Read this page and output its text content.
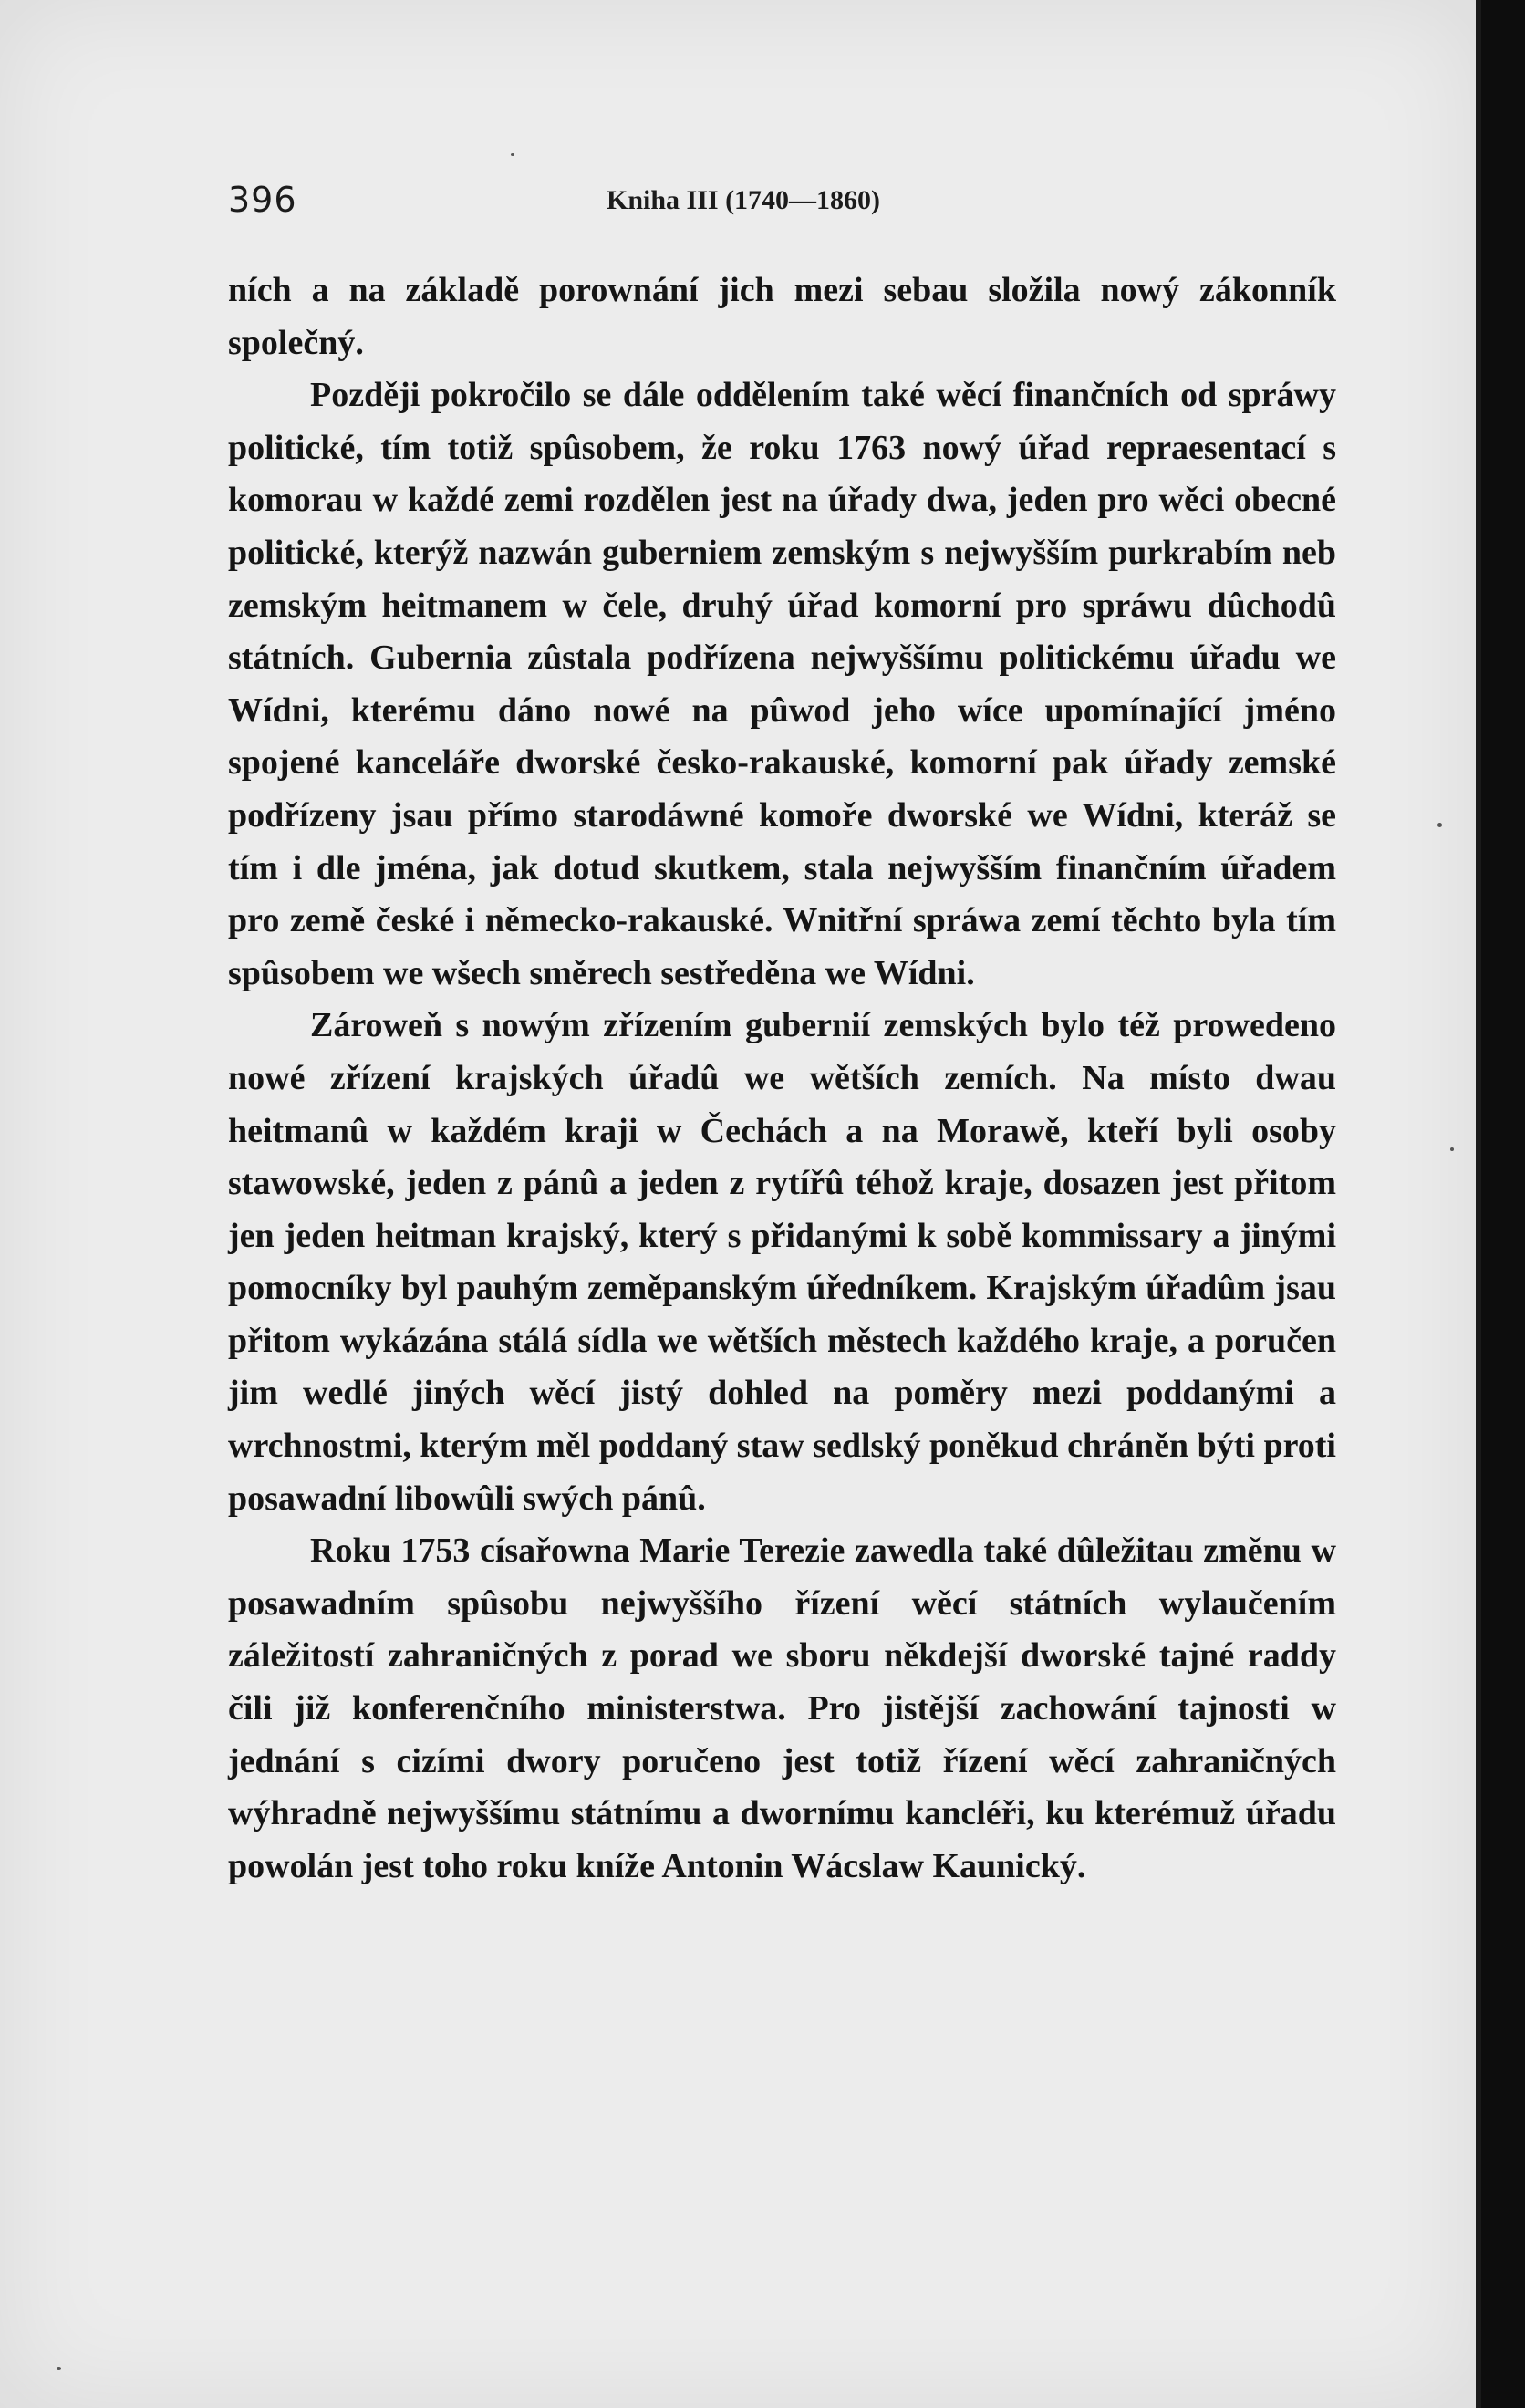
396	Kniha III (1740—1860)

ních a na základě porownání jich mezi sebau složila nowý zákonník společný.

Později pokročilo se dále oddělením také wěcí finančních od spráwy politické, tím totiž spûsobem, že roku 1763 nowý úřad repraesentací s komorau w každé zemi rozdělen jest na úřady dwa, jeden pro wěci obecné politické, kterýž nazwán guberniem zemským s nejwyšším purkrabím neb zemským heitmanem w čele, druhý úřad komorní pro spráwu dûchodû státních. Gubernia zûstala podřízena nejwyššímu politickému úřadu we Wídni, kterému dáno nowé na pûwod jeho wíce upomínající jméno spojené kanceláře dworské česko-rakauské, komorní pak úřady zemské podřízeny jsau přímo starodáwné komoře dworské we Wídni, kteráž se tím i dle jména, jak dotud skutkem, stala nejwyšším finančním úřadem pro země české i německo-rakauské. Wnitřní spráwa zemí těchto byla tím spûsobem we wšech směrech sestředěna we Wídni.

Zároweň s nowým zřízením gubernií zemských bylo též prowedeno nowé zřízení krajských úřadû we wětších zemích. Na místo dwau heitmanû w každém kraji w Čechách a na Morawě, kteří byli osoby stawowské, jeden z pánû a jeden z rytířû téhož kraje, dosazen jest přitom jen jeden heitman krajský, který s přidanými k sobě kommissary a jinými pomocníky byl pauhým zeměpanským úředníkem. Krajským úřadûm jsau přitom wykázána stálá sídla we wětších městech každého kraje, a poručen jim wedlé jiných wěcí jistý dohled na poměry mezi poddanými a wrchnostmi, kterým měl poddaný staw sedlský poněkud chráněn býti proti posawadní libowûli swých pánû.

Roku 1753 císařowna Marie Terezie zawedla také dûležitau změnu w posawadním spûsobu nejwyššího řízení wěcí státních wylaučením záležitostí zahraničných z porad we sboru někdejší dworské tajné raddy čili již konferenčního ministerstwa. Pro jistější zachowání tajnosti w jednání s cizími dwory poručeno jest totiž řízení wěcí zahraničných wýhradně nejwyššímu státnímu a dwornímu kancléři, ku kterémuž úřadu powolán jest toho roku kníže Antonin Wácslaw Kaunický.
